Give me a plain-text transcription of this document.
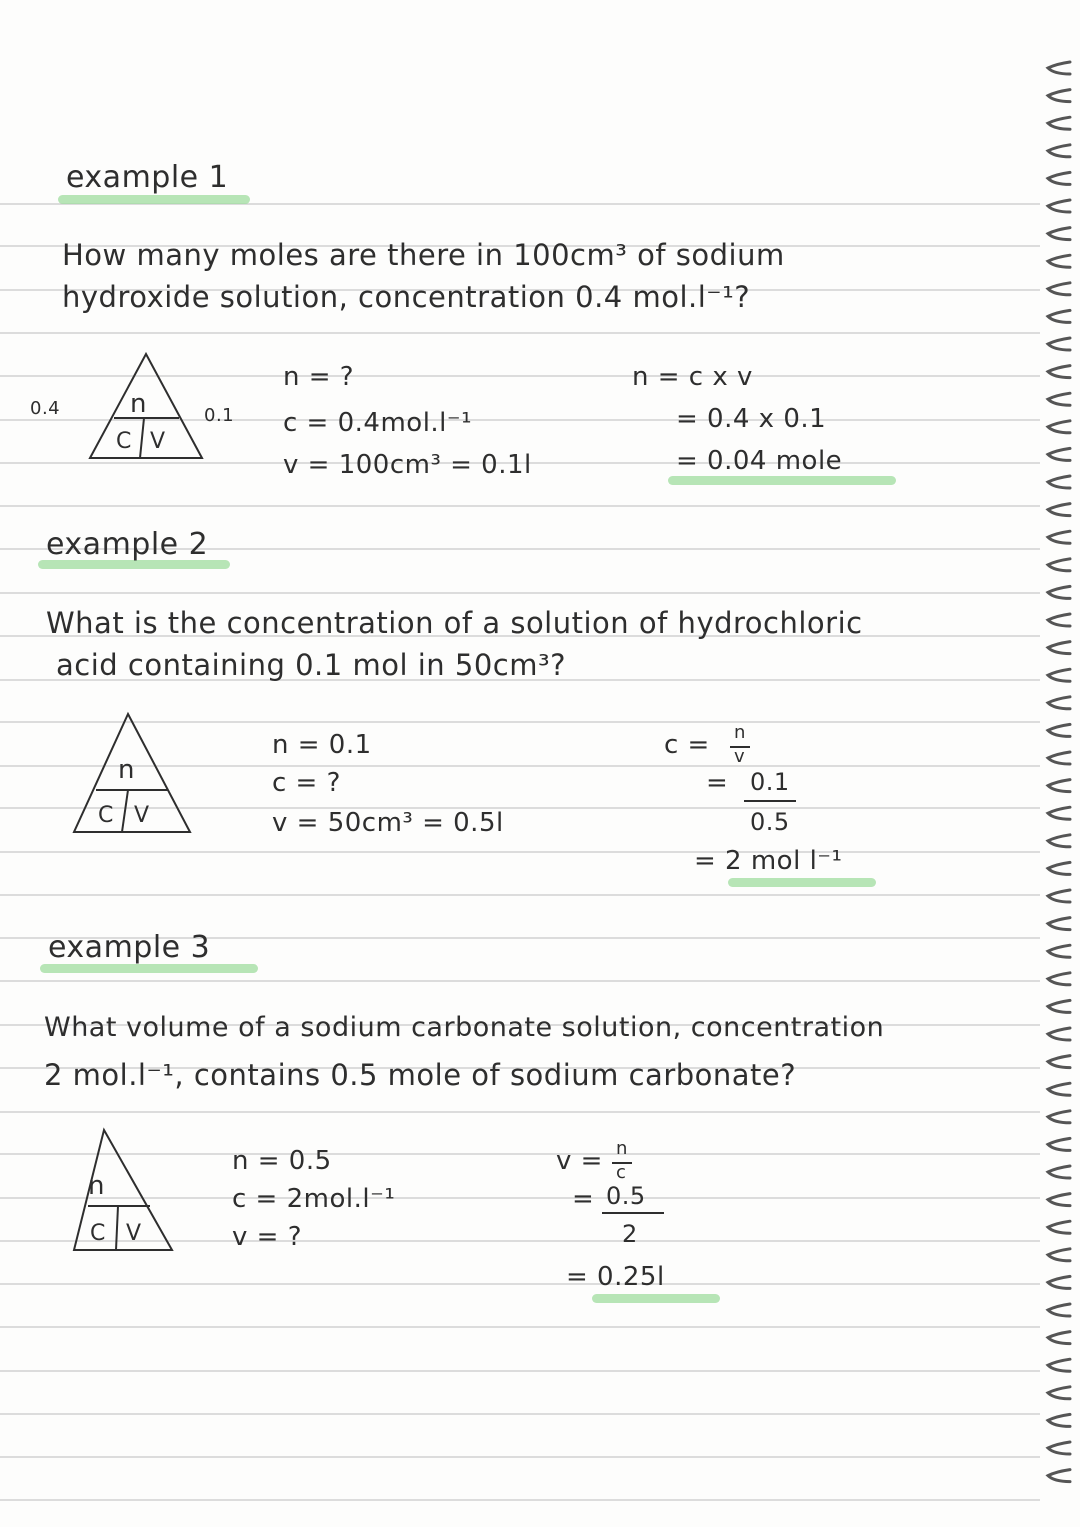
example 1
How many moles are there in 100cm³ of sodium
hydroxide solution, concentration 0.4 mol.l⁻¹?
n
C V
0.4	0.1
n = ?
c = 0.4mol.l⁻¹
v = 100cm³ = 0.1l
n = c x v
= 0.4 x 0.1
= 0.04 mole
example 2
What is the concentration of a solution of hydrochloric
acid containing 0.1 mol in 50cm³?
n
C V
n = 0.1
c = ?
v = 50cm³ = 0.5l
c = n
v
= 0.1
0.5
= 2 mol l⁻¹
example 3
What volume of a sodium carbonate solution, concentration
2 mol.l⁻¹, contains 0.5 mole of sodium carbonate?
n
C V
n = 0.5
c = 2mol.l⁻¹
v = ?
v = n
c
= 0.5
2
= 0.25l
